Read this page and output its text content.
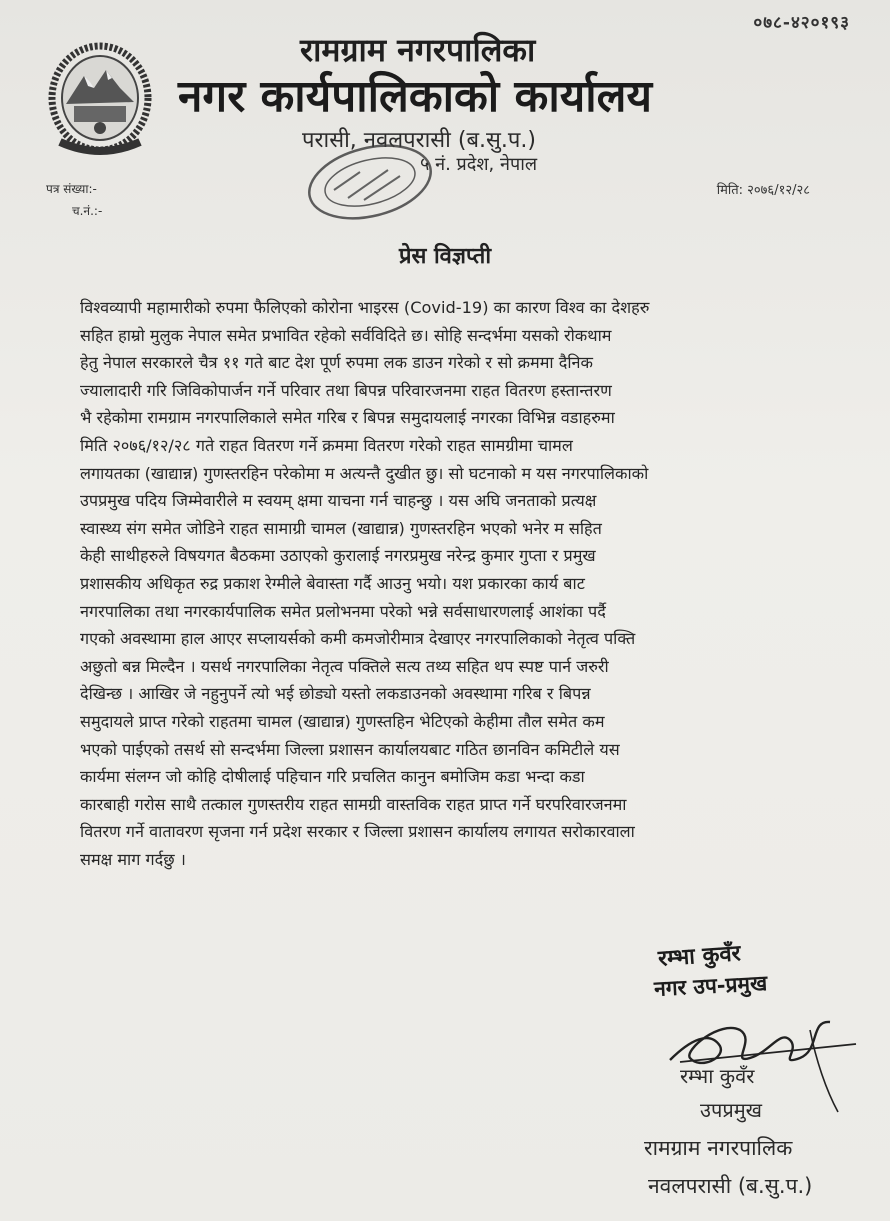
०७८-४२०१९३
रामग्राम नगरपालिका
नगर कार्यपालिकाको कार्यालय
परासी, नवलपरासी (ब.सु.प.)
५ नं. प्रदेश, नेपाल
पत्र संख्या:-
च.नं.:-
मिति: २०७६/१२/२८
प्रेस विज्ञप्ती
विश्वव्यापी महामारीको रुपमा फैलिएको कोरोना भाइरस (Covid-19) का कारण विश्व का देशहरु
सहित हाम्रो मुलुक नेपाल समेत प्रभावित रहेको सर्वविदिते छ। सोहि सन्दर्भमा यसको रोकथाम
हेतु नेपाल सरकारले चैत्र ११ गते बाट देश पूर्ण रुपमा लक डाउन गरेको र सो क्रममा दैनिक
ज्यालादारी गरि जिविकोपार्जन गर्ने परिवार तथा बिपन्न परिवारजनमा राहत वितरण हस्तान्तरण
भै रहेकोमा रामग्राम नगरपालिकाले समेत गरिब र बिपन्न समुदायलाई नगरका विभिन्न वडाहरुमा
मिति २०७६/१२/२८ गते राहत वितरण गर्ने क्रममा वितरण गरेको राहत सामग्रीमा चामल
लगायतका (खाद्यान्न) गुणस्तरहिन परेकोमा म अत्यन्तै दुखीत छु। सो घटनाको म यस नगरपालिकाको
उपप्रमुख पदिय जिम्मेवारीले म स्वयम् क्षमा याचना गर्न चाहन्छु । यस अघि जनताको प्रत्यक्ष
स्वास्थ्य संग समेत जोडिने राहत सामाग्री चामल (खाद्यान्न) गुणस्तरहिन भएको भनेर म सहित
केही साथीहरुले विषयगत बैठकमा उठाएको कुरालाई नगरप्रमुख नरेन्द्र कुमार गुप्ता र प्रमुख
प्रशासकीय अधिकृत रुद्र प्रकाश रेग्मीले बेवास्ता गर्दै आउनु भयो। यश प्रकारका कार्य बाट
नगरपालिका तथा नगरकार्यपालिक समेत प्रलोभनमा परेको भन्ने सर्वसाधारणलाई आशंका पर्दै
गएको अवस्थामा हाल आएर सप्लायर्सको कमी कमजोरीमात्र देखाएर नगरपालिकाको नेतृत्व पक्ति
अछुतो बन्न मिल्दैन । यसर्थ नगरपालिका नेतृत्व पक्तिले सत्य तथ्य सहित थप स्पष्ट पार्न जरुरी
देखिन्छ । आखिर जे नहुनुपर्ने त्यो भई छोड्यो यस्तो लकडाउनको अवस्थामा गरिब र बिपन्न
समुदायले प्राप्त गरेको राहतमा चामल (खाद्यान्न) गुणस्तहिन भेटिएको केहीमा तौल समेत कम
भएको पाईएको तसर्थ सो सन्दर्भमा जिल्ला प्रशासन कार्यालयबाट गठित छानविन कमिटीले यस
कार्यमा संलग्न जो कोहि दोषीलाई पहिचान गरि प्रचलित कानुन बमोजिम कडा भन्दा कडा
कारबाही गरोस साथै तत्काल गुणस्तरीय राहत सामग्री वास्तविक राहत प्राप्त गर्ने घरपरिवारजनमा
वितरण गर्ने वातावरण सृजना गर्न प्रदेश सरकार र जिल्ला प्रशासन कार्यालय लगायत सरोकारवाला
समक्ष माग गर्दछु ।
रम्भा कुवँर
नगर उप-प्रमुख
रम्भा कुवँर
उपप्रमुख
रामग्राम नगरपालिक
नवलपरासी (ब.सु.प.)
